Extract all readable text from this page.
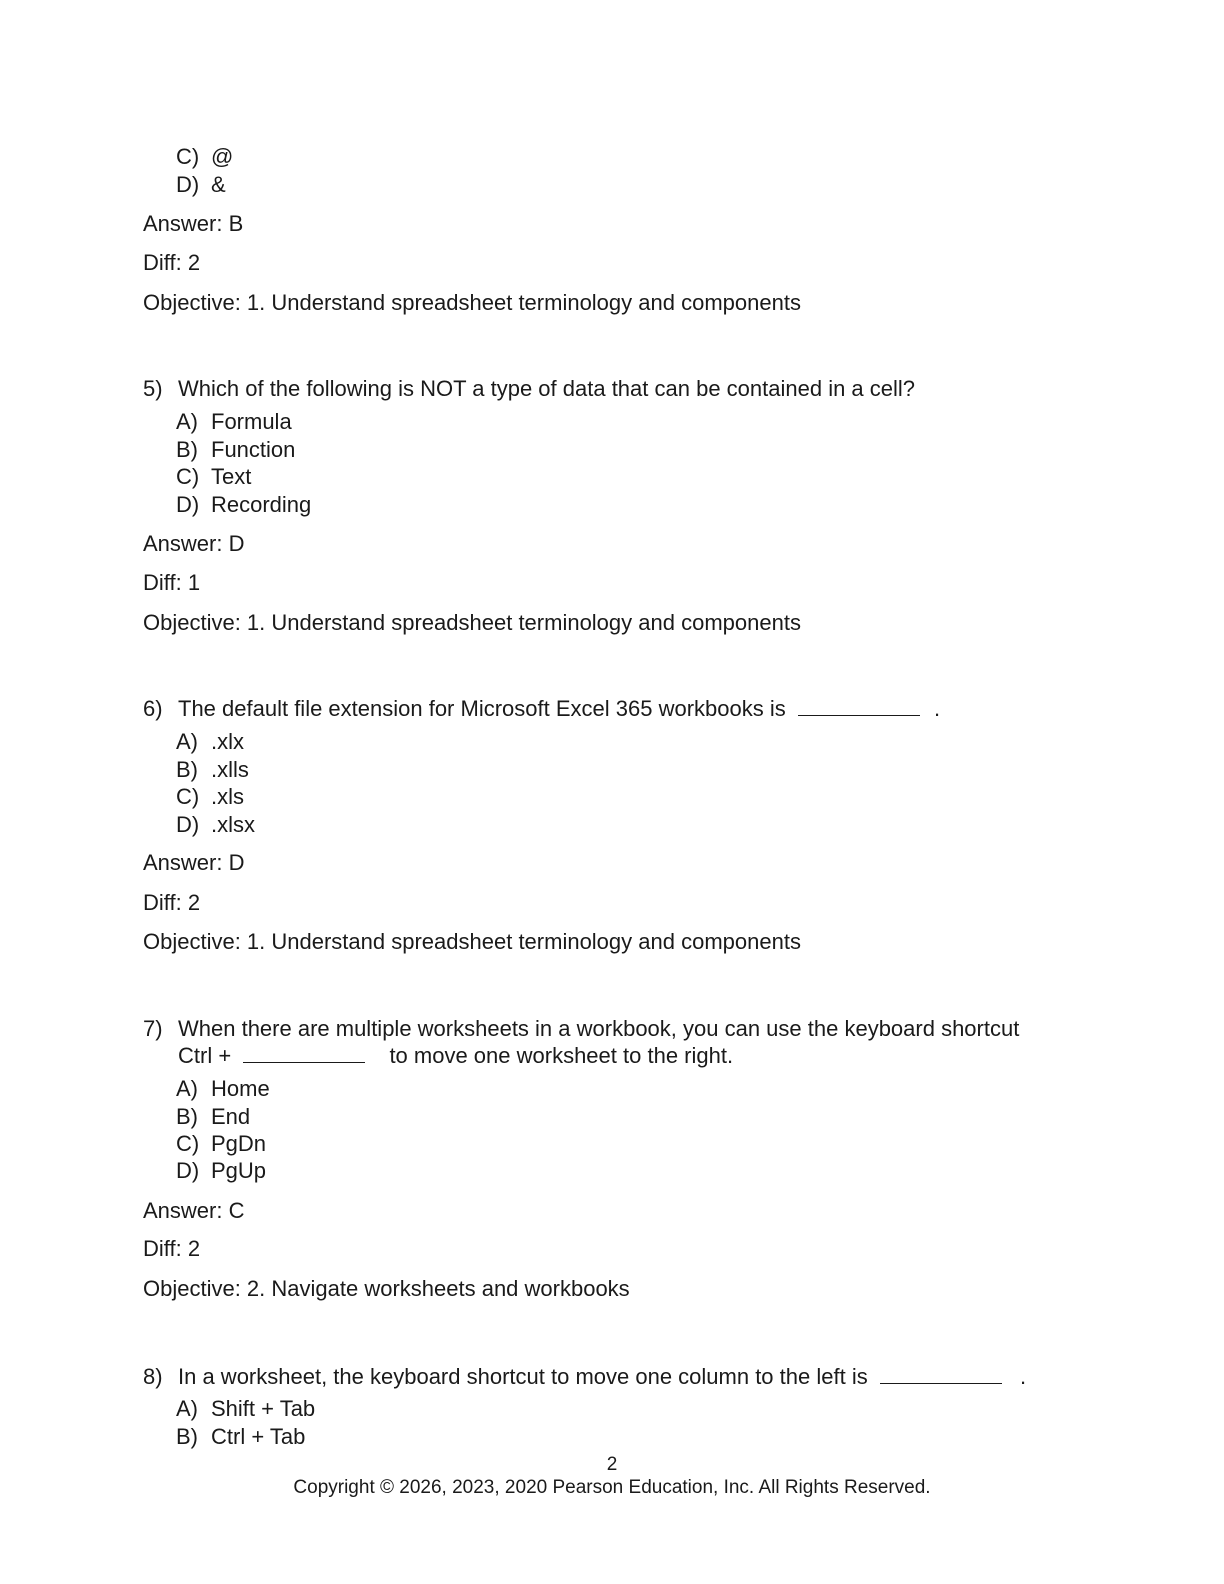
C) @
D) &
Answer: B
Diff: 2
Objective: 1. Understand spreadsheet terminology and components
5) Which of the following is NOT a type of data that can be contained in a cell?
A) Formula
B) Function
C) Text
D) Recording
Answer: D
Diff: 1
Objective: 1. Understand spreadsheet terminology and components
6) The default file extension for Microsoft Excel 365 workbooks is	.
A) .xlx
B) .xlls
C) .xls
D) .xlsx
Answer: D
Diff: 2
Objective: 1. Understand spreadsheet terminology and components
7) When there are multiple worksheets in a workbook, you can use the keyboard shortcut
Ctrl +	to move one worksheet to the right.
A) Home
B) End
C) PgDn
D) PgUp
Answer: C
Diff: 2
Objective: 2. Navigate worksheets and workbooks
8) In a worksheet, the keyboard shortcut to move one column to the left is	.
A) Shift + Tab
B) Ctrl + Tab
2
Copyright © 2026, 2023, 2020 Pearson Education, Inc. All Rights Reserved.
